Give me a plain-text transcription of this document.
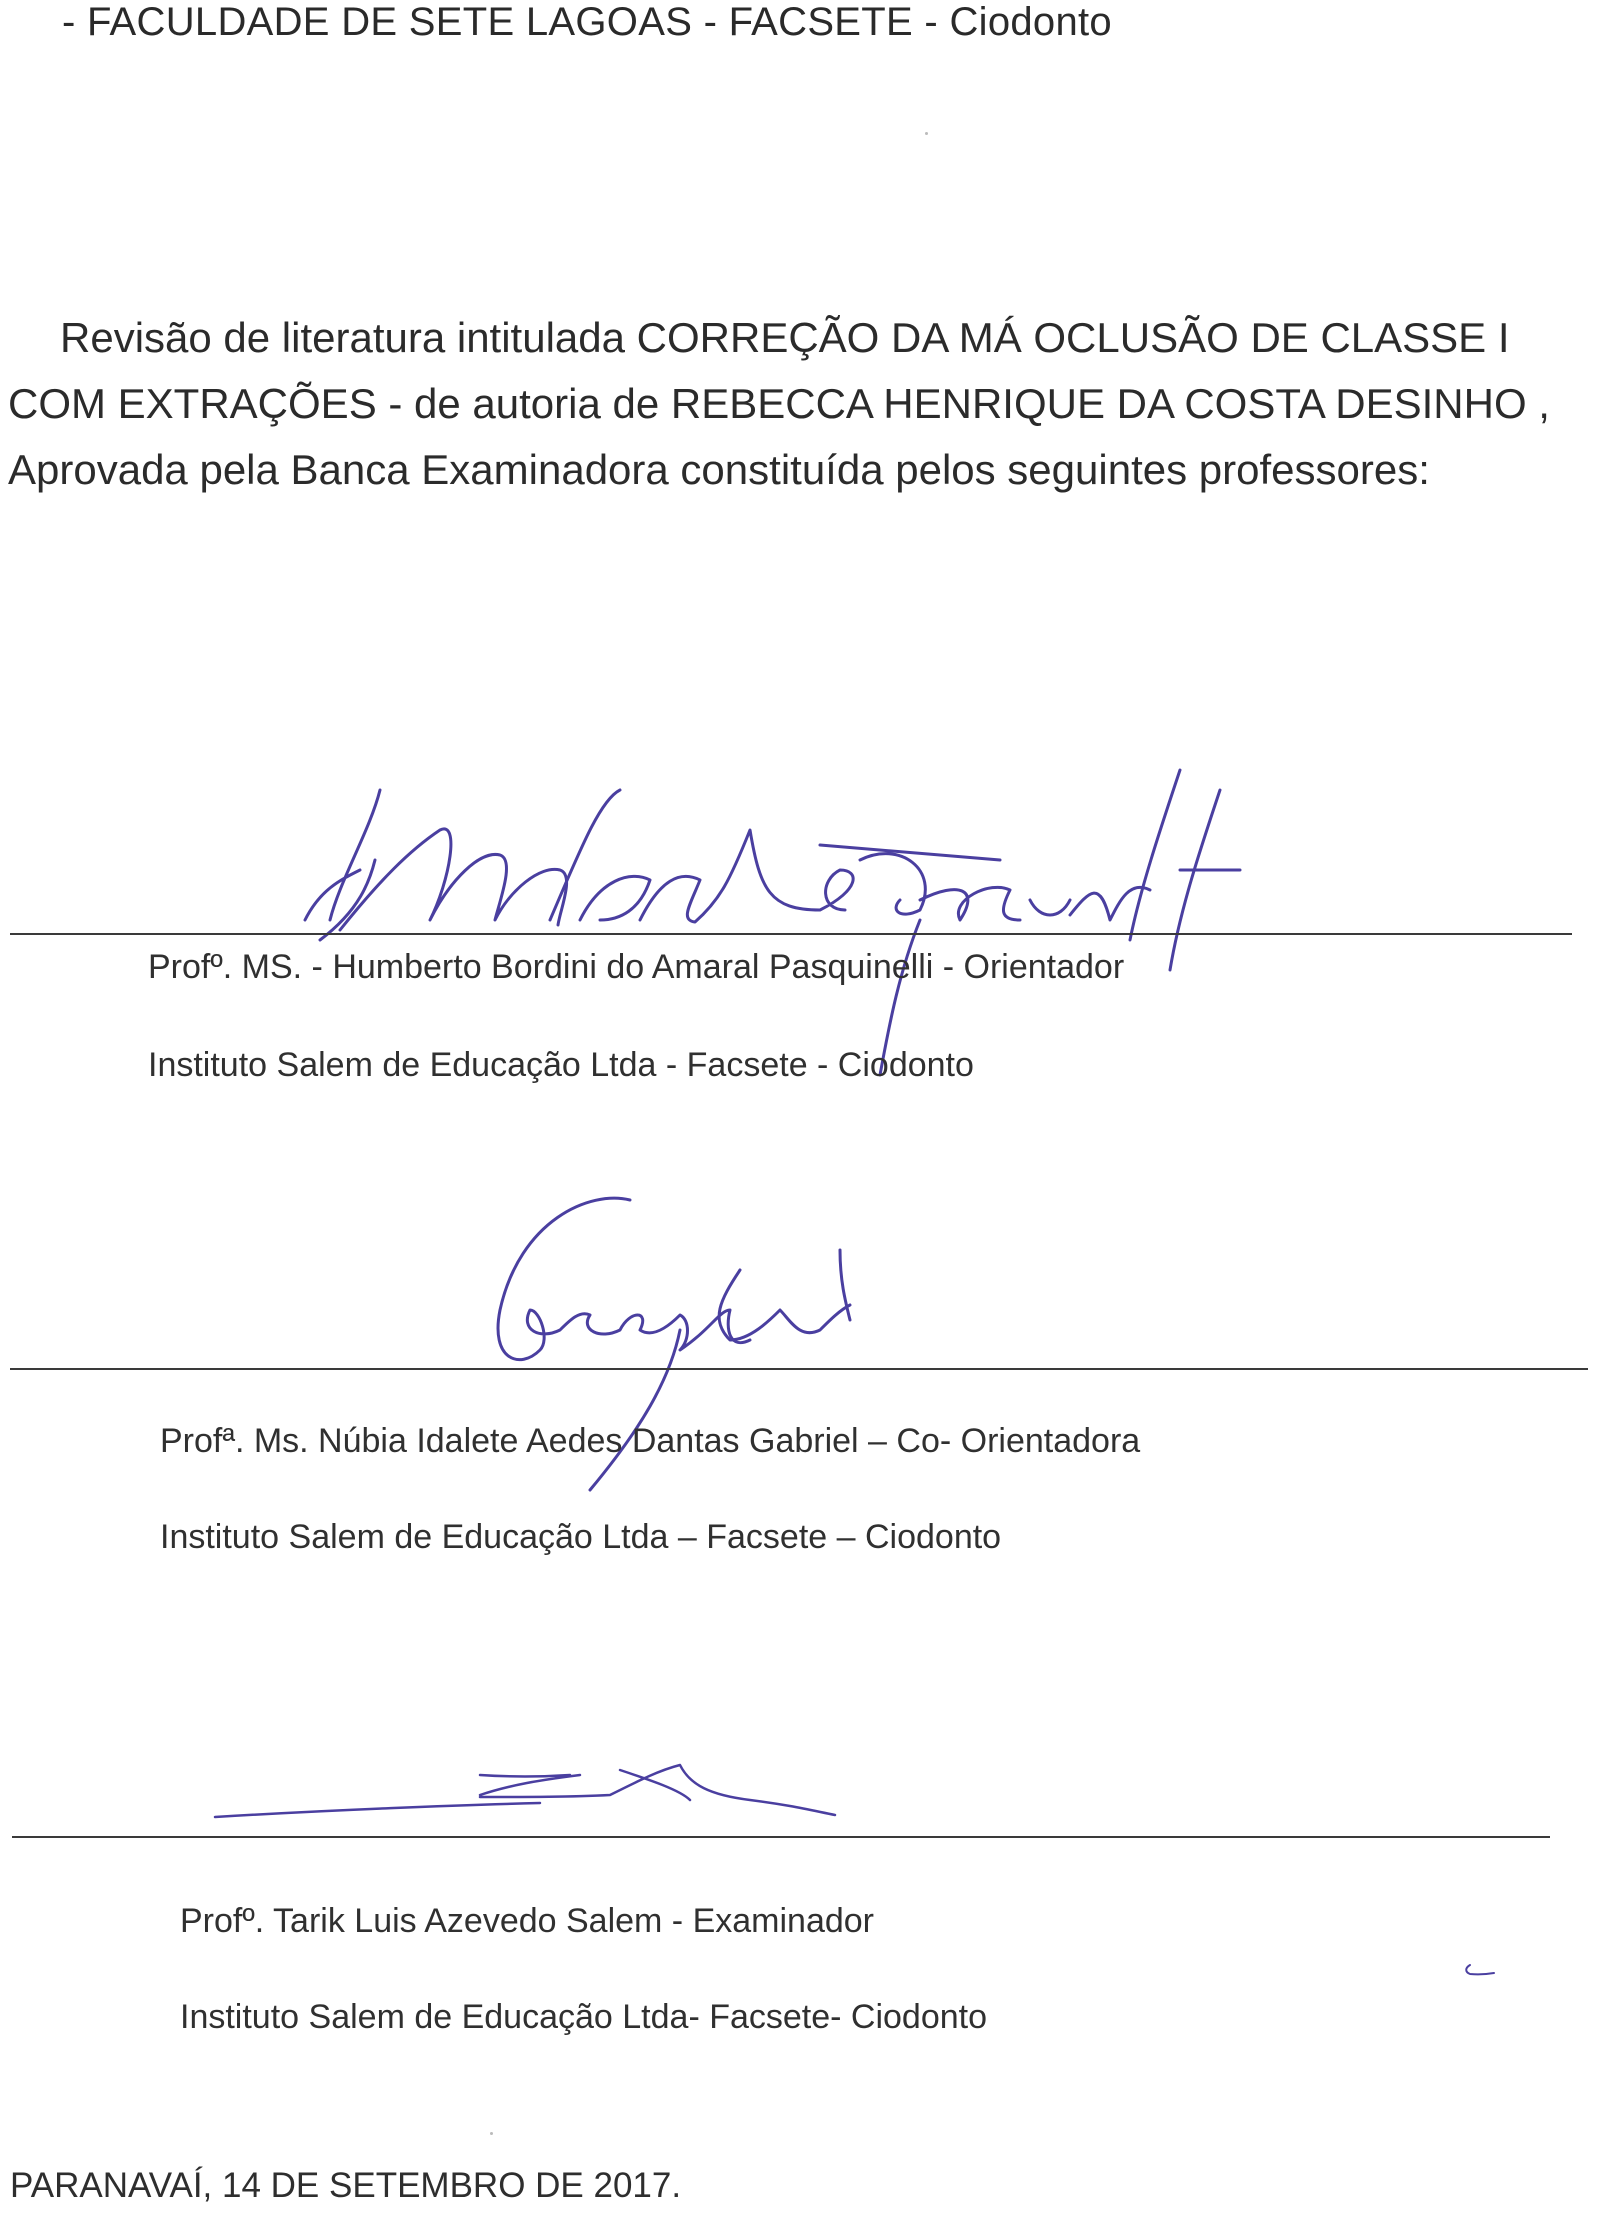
- FACULDADE DE SETE LAGOAS - FACSETE - Ciodonto
Revisão de literatura intitulada CORREÇÃO DA MÁ OCLUSÃO DE CLASSE I COM EXTRAÇÕES - de autoria de REBECCA HENRIQUE DA COSTA DESINHO , Aprovada pela Banca Examinadora constituída pelos seguintes professores:
Profº. MS. - Humberto Bordini do Amaral Pasquinelli - Orientador
Instituto Salem de Educação Ltda - Facsete - Ciodonto
Profª. Ms. Núbia Idalete Aedes Dantas Gabriel – Co- Orientadora
Instituto Salem de Educação Ltda – Facsete – Ciodonto
Profº. Tarik Luis Azevedo Salem - Examinador
Instituto Salem de Educação Ltda- Facsete- Ciodonto
PARANAVAÍ, 14 DE SETEMBRO DE 2017.
